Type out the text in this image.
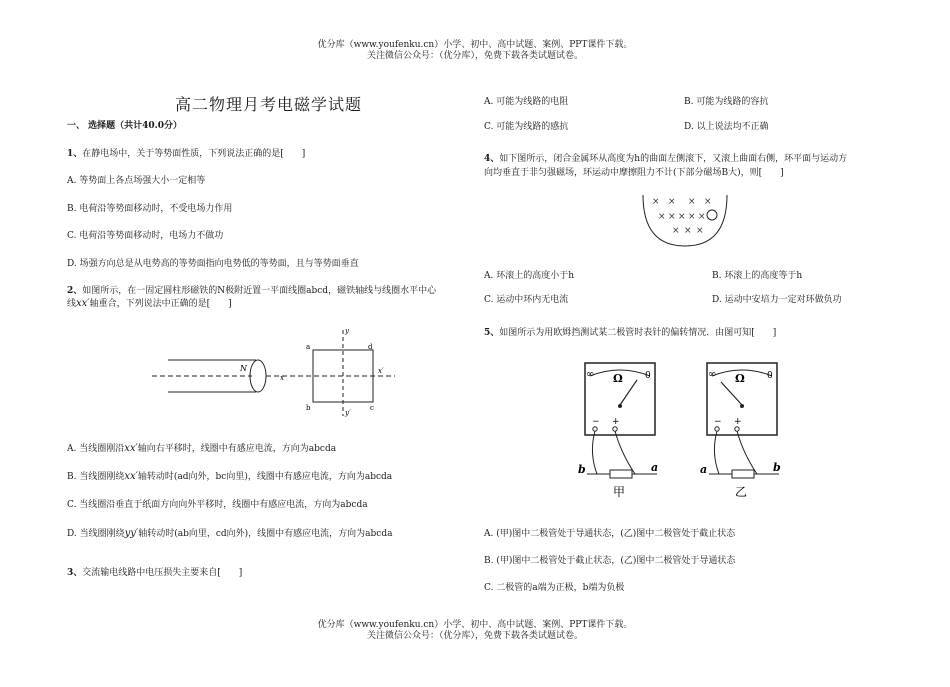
优分库（www.youfenku.cn）小学、初中、高中试题、案例、PPT课件下载。
关注微信公众号：（优分库），免费下载各类试题试卷。
高二物理月考电磁学试题
一、 选择题（共计40.0分）
1、在静电场中，关于等势面性质，下列说法正确的是[　　]
A. 等势面上各点场强大小一定相等
B. 电荷沿等势面移动时，不受电场力作用
C. 电荷沿等势面移动时，电场力不做功
D. 场强方向总是从电势高的等势面指向电势低的等势面，且与等势面垂直
2、如图所示，在一固定圆柱形磁铁的N极附近置一平面线圈abcd，磁铁轴线与线圈水平中心
线xx′轴重合，下列说法中正确的是[　　]
N
x
x′
y
y′
a
b	c
d
A. 当线圈刚沿xx′轴向右平移时，线圈中有感应电流，方向为abcda
B. 当线圈刚绕xx′轴转动时(ad向外，bc向里)，线圈中有感应电流，方向为abcda
C. 当线圈沿垂直于纸面方向向外平移时，线圈中有感应电流，方向为abcda
D. 当线圈刚绕yy′轴转动时(ab向里，cd向外)，线圈中有感应电流，方向为abcda
3、交流输电线路中电压损失主要来自[　　]
A. 可能为线路的电阻	B. 可能为线路的容抗
C. 可能为线路的感抗	D. 以上说法均不正确
4、如下图所示，闭合金属环从高度为h的曲面左侧滚下，又滚上曲面右侧，环平面与运动方
向均垂直于非匀强磁场，环运动中摩擦阻力不计(下部分磁场B大)，则[　　]
× × × ×
× × × × ×
× × ×
A. 环滚上的高度小于h	B. 环滚上的高度等于h
C. 运动中环内无电流	D. 运动中安培力一定对环做负功
5、如图所示为用欧姆挡测试某二极管时表针的偏转情况．由图可知[　　]
∞ Ω 0
− +
b	a
甲
∞ Ω 0
− +
a	b
乙
A. (甲)图中二极管处于导通状态，(乙)图中二极管处于截止状态
B. (甲)图中二极管处于截止状态，(乙)图中二极管处于导通状态
C. 二极管的a端为正极，b端为负极
优分库（www.youfenku.cn）小学、初中、高中试题、案例、PPT课件下载。
关注微信公众号：（优分库），免费下载各类试题试卷。
